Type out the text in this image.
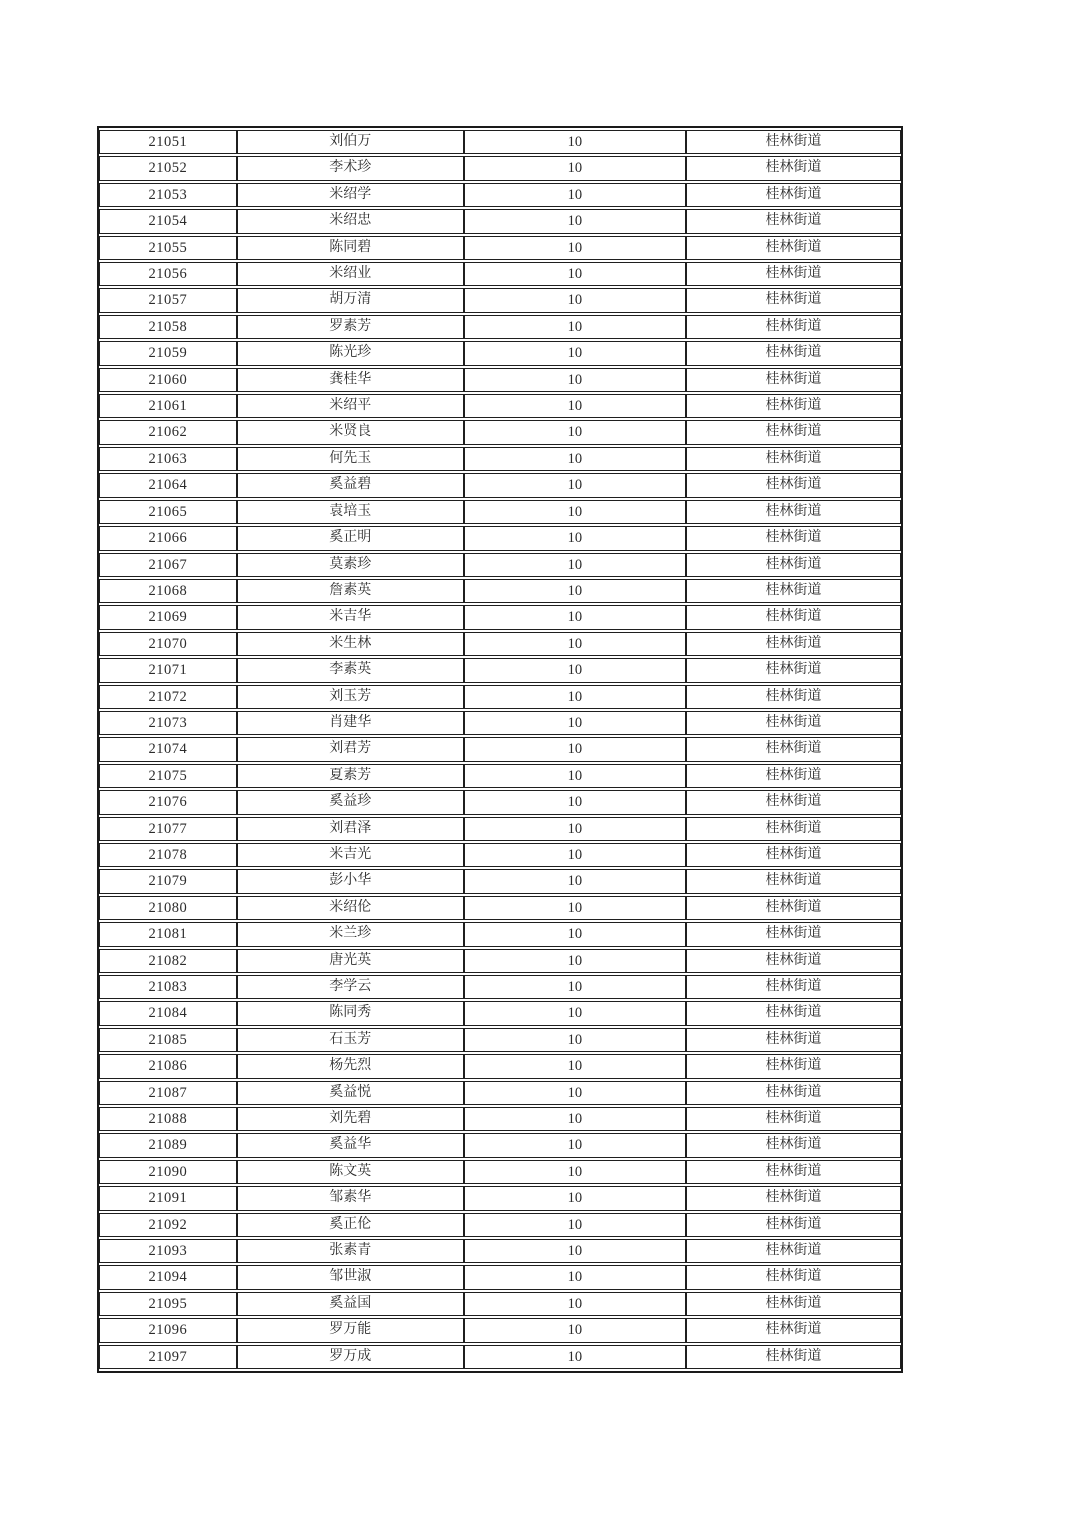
21051	刘伯万	10	桂林街道
21052	李术珍	10	桂林街道
21053	米绍学	10	桂林街道
21054	米绍忠	10	桂林街道
21055	陈同碧	10	桂林街道
21056	米绍业	10	桂林街道
21057	胡万清	10	桂林街道
21058	罗素芳	10	桂林街道
21059	陈光珍	10	桂林街道
21060	龚桂华	10	桂林街道
21061	米绍平	10	桂林街道
21062	米贤良	10	桂林街道
21063	何先玉	10	桂林街道
21064	奚益碧	10	桂林街道
21065	袁培玉	10	桂林街道
21066	奚正明	10	桂林街道
21067	莫素珍	10	桂林街道
21068	詹素英	10	桂林街道
21069	米吉华	10	桂林街道
21070	米生林	10	桂林街道
21071	李素英	10	桂林街道
21072	刘玉芳	10	桂林街道
21073	肖建华	10	桂林街道
21074	刘君芳	10	桂林街道
21075	夏素芳	10	桂林街道
21076	奚益珍	10	桂林街道
21077	刘君泽	10	桂林街道
21078	米吉光	10	桂林街道
21079	彭小华	10	桂林街道
21080	米绍伦	10	桂林街道
21081	米兰珍	10	桂林街道
21082	唐光英	10	桂林街道
21083	李学云	10	桂林街道
21084	陈同秀	10	桂林街道
21085	石玉芳	10	桂林街道
21086	杨先烈	10	桂林街道
21087	奚益悦	10	桂林街道
21088	刘先碧	10	桂林街道
21089	奚益华	10	桂林街道
21090	陈文英	10	桂林街道
21091	邹素华	10	桂林街道
21092	奚正伦	10	桂林街道
21093	张素青	10	桂林街道
21094	邹世淑	10	桂林街道
21095	奚益国	10	桂林街道
21096	罗万能	10	桂林街道
21097	罗万成	10	桂林街道
